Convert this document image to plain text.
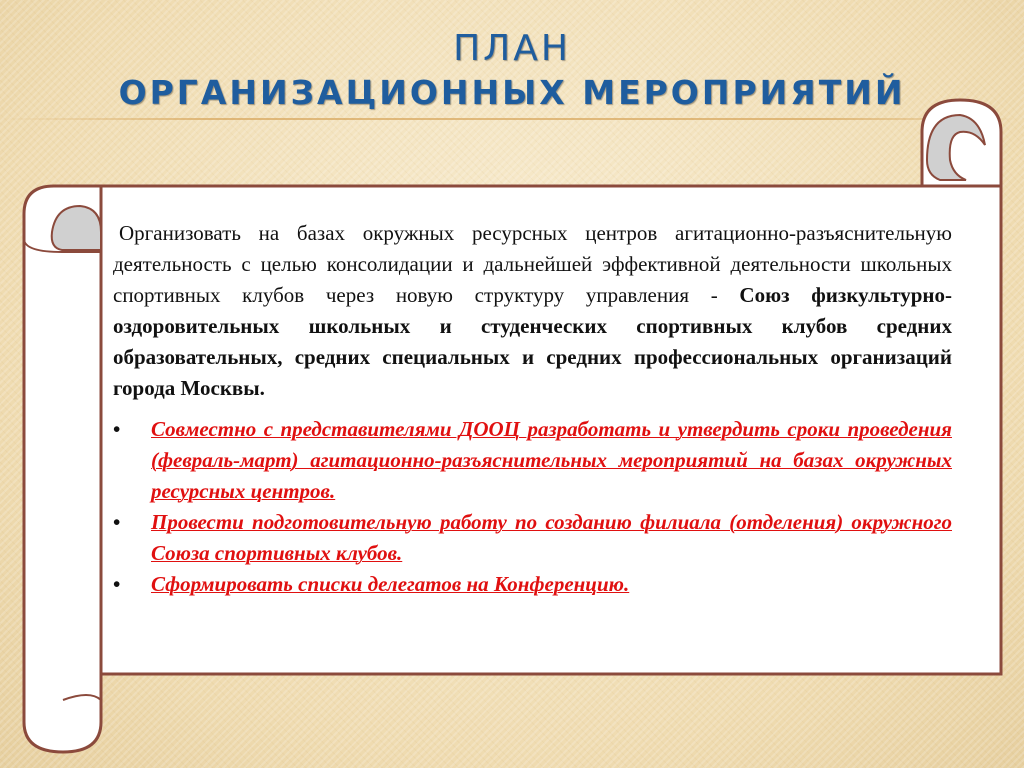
ПЛАН
ОРГАНИЗАЦИОННЫХ МЕРОПРИЯТИЙ

Организовать на базах окружных ресурсных центров агитационно-разъяснительную деятельность с целью консолидации и дальнейшей эффективной деятельности школьных спортивных клубов через новую структуру управления - Союз физкультурно-оздоровительных школьных и студенческих спортивных клубов средних образовательных, средних специальных и средних профессиональных организаций города Москвы.

• Совместно с представителями ДООЦ разработать и утвердить сроки проведения (февраль-март) агитационно-разъяснительных мероприятий на базах окружных ресурсных центров.
• Провести подготовительную работу по созданию филиала (отделения) окружного Союза спортивных клубов.
• Сформировать списки делегатов на Конференцию.
